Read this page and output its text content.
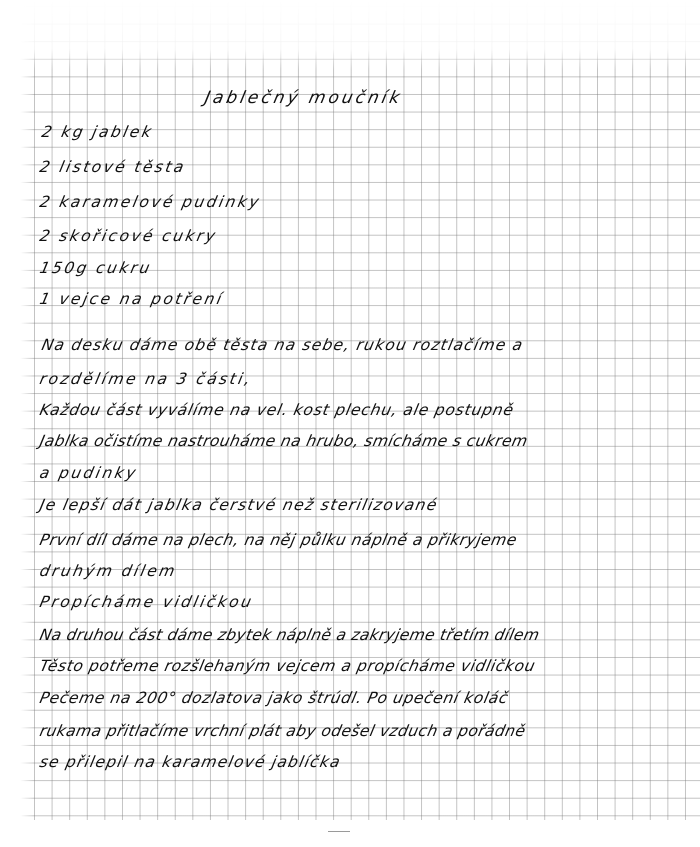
Jablečný moučník
2 kg jablek
2 listové těsta
2 karamelové pudinky
2 skořicové cukry
150g cukru
1 vejce na potření
Na desku dáme obě těsta na sebe, rukou roztlačíme a
rozdělíme na 3 části,
Každou část vyválíme na vel. kost plechu, ale postupně
Jablka očistíme nastrouháme na hrubo, smícháme s cukrem
a pudinky
Je lepší dát jablka čerstvé než sterilizované
První díl dáme na plech, na něj půlku náplně a přikryjeme
druhým dílem
Propícháme vidličkou
Na druhou část dáme zbytek náplně a zakryjeme třetím dílem
Těsto potřeme rozšlehaným vejcem a propícháme vidličkou
Pečeme na 200° dozlatova jako štrúdl. Po upečení koláč
rukama přitlačíme vrchní plát aby odešel vzduch a pořádně
se přilepil na karamelové jablíčka
